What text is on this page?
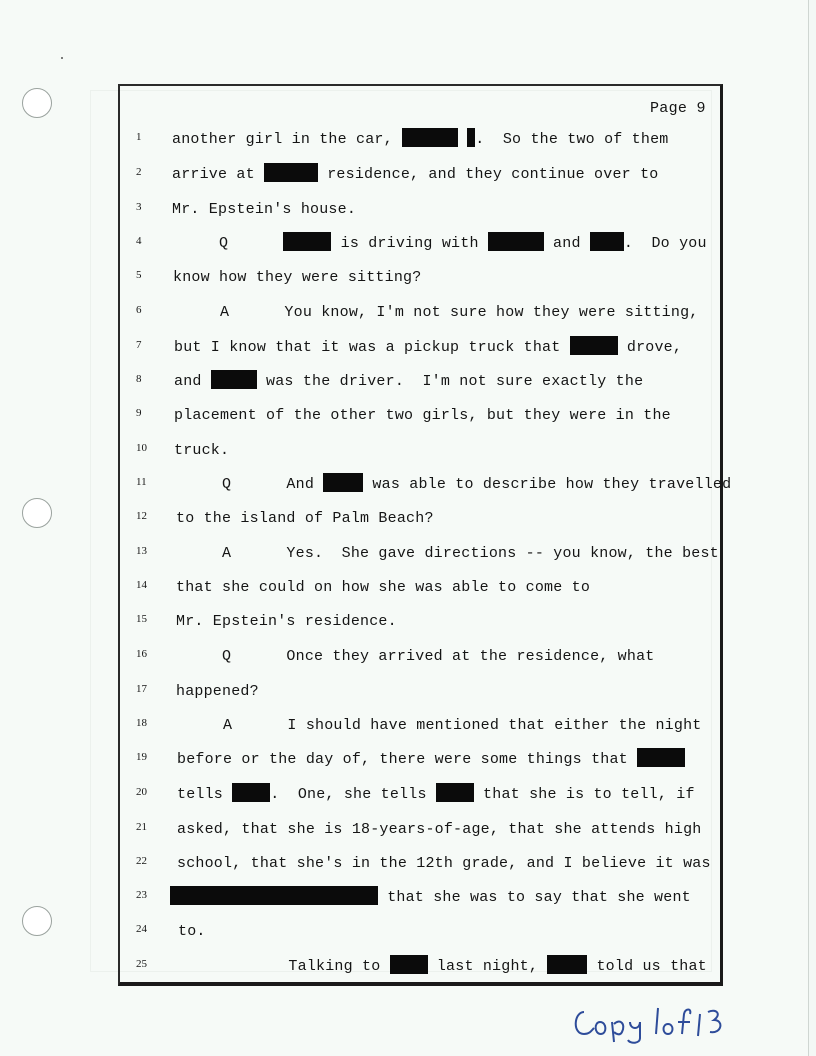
Page 9
1	another girl in the car,	.  So the two of them
2	arrive at	residence, and they continue over to
3	Mr. Epstein's house.
4	Q	is driving with	and .  Do you
5	know how they were sitting?
6	A      You know, I'm not sure how they were sitting,
7	but I know that it was a pickup truck that	drove,
8	and	was the driver.  I'm not sure exactly the
9	placement of the other two girls, but they were in the
10	truck.
11	Q      And	was able to describe how they travelled
12	to the island of Palm Beach?
13	A      Yes.  She gave directions -- you know, the best
14	that she could on how she was able to come to
15	Mr. Epstein's residence.
16	Q      Once they arrived at the residence, what
17	happened?
18	A      I should have mentioned that either the night
19	before or the day of, there were some things that
20	tells	.  One, she tells	that she is to tell, if
21	asked, that she is 18-years-of-age, that she attends high
22	school, that she's in the 12th grade, and I believe it was
23	that she was to say that she went
24	to.
25	Talking to	last night,	told us that
